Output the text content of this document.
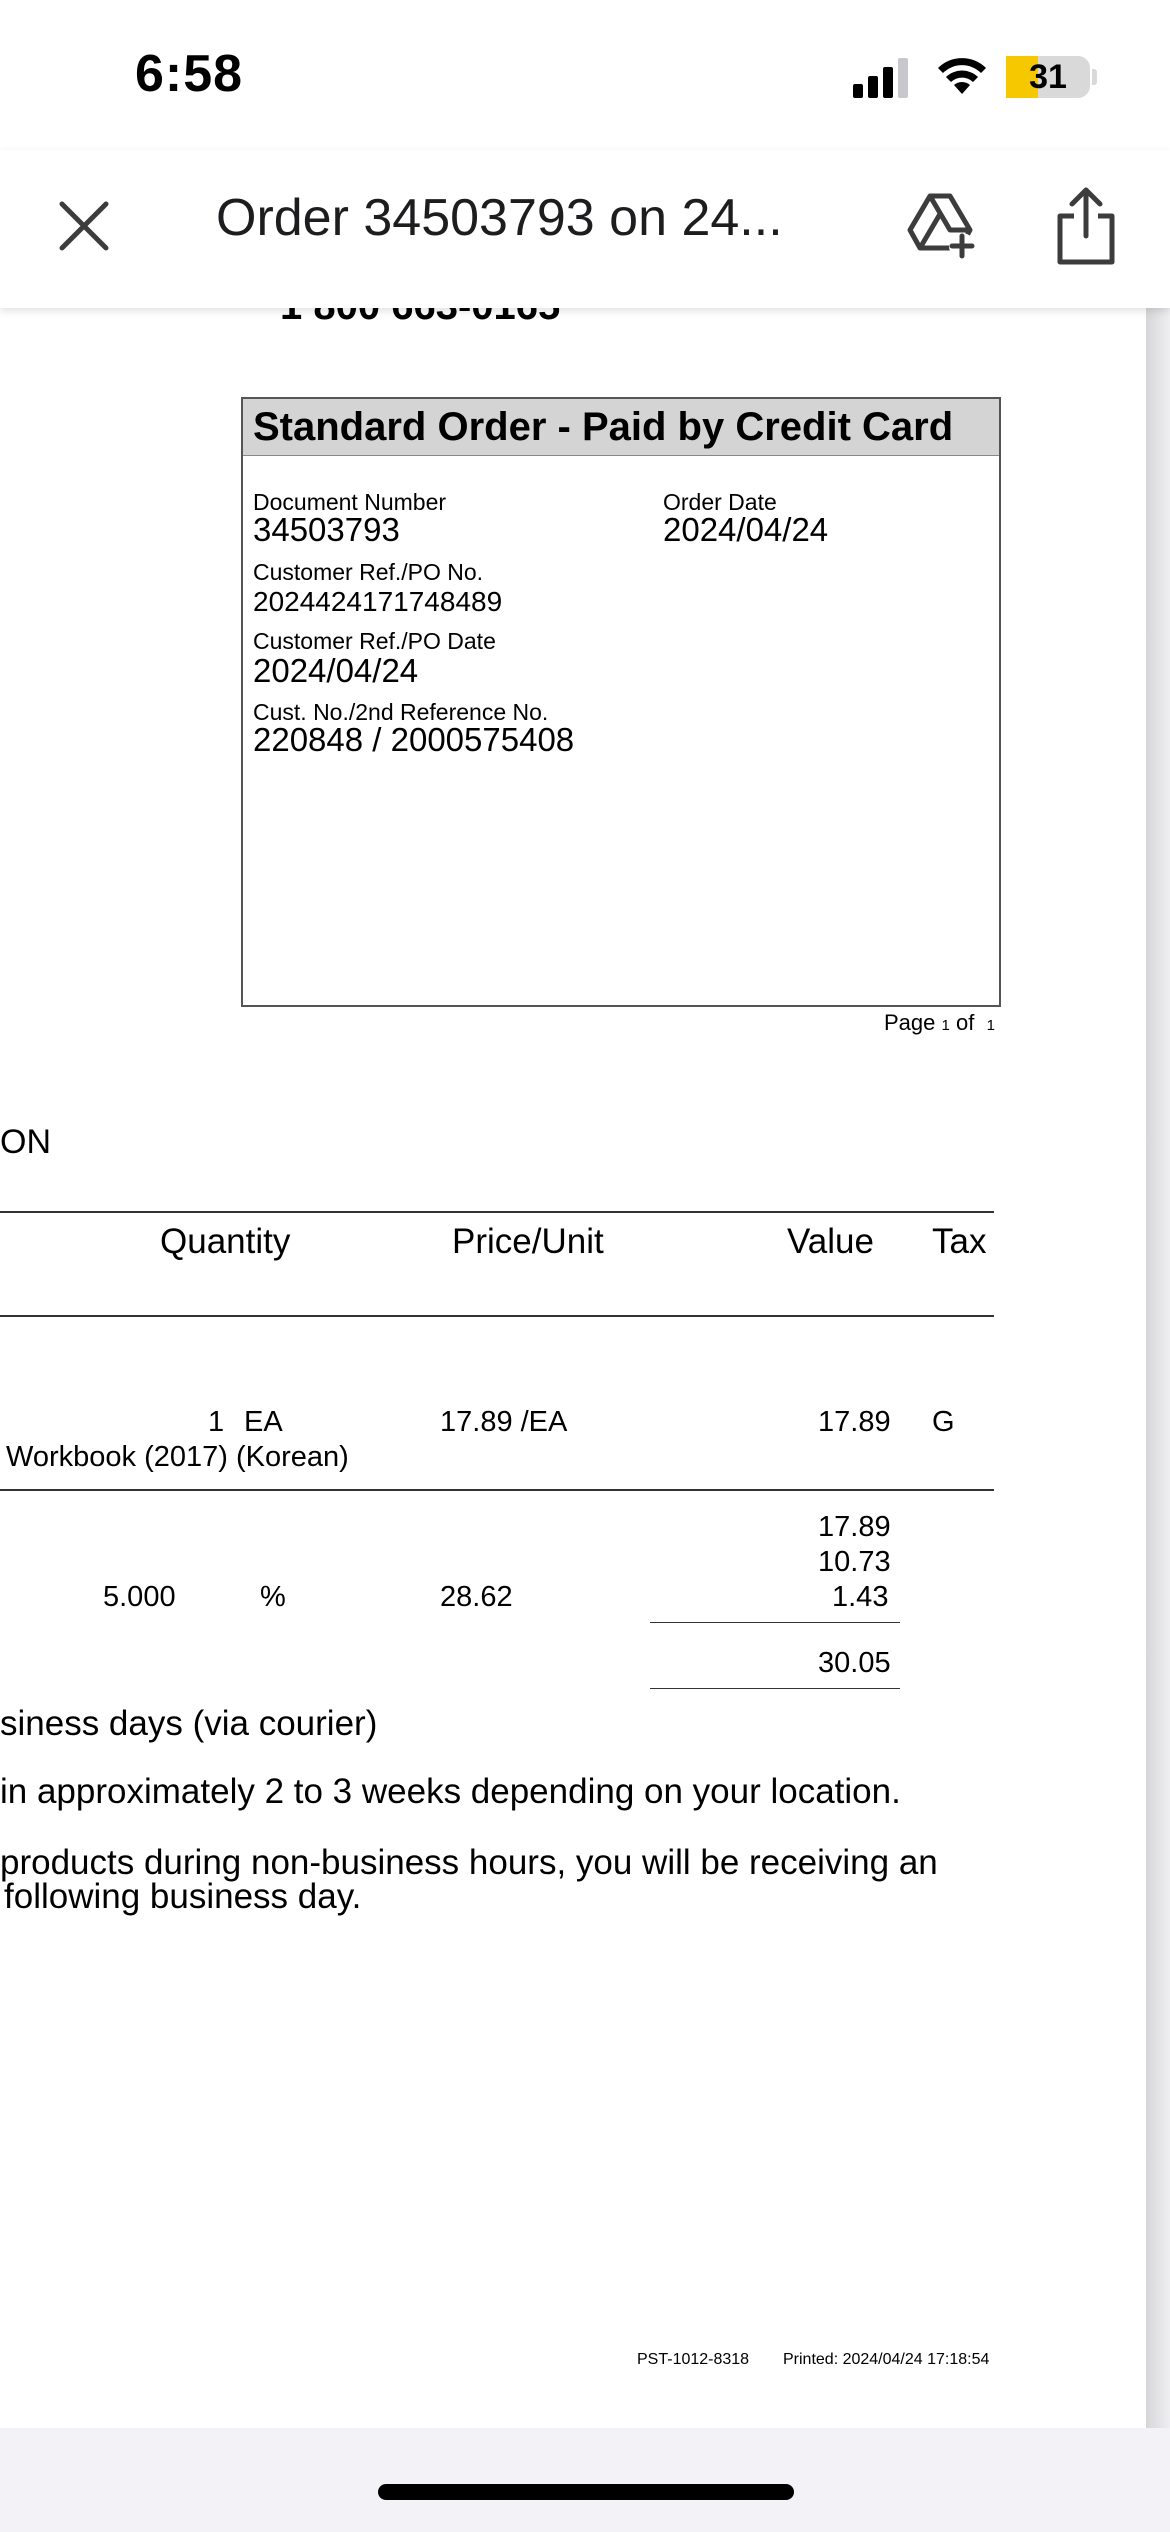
6:58	31
Order 34503793 on 24...
Standard Order - Paid by Credit Card
Document Number
34503793
Order Date
2024/04/24
Customer Ref./PO No.
2024424171748489
Customer Ref./PO Date
2024/04/24
Cust. No./2nd Reference No.
220848 / 2000575408
Page 1 of 1
ON
Quantity	Price/Unit	Value Tax
1 EA	17.89 /EA	17.89 G
Workbook (2017) (Korean)
17.89
10.73
5.000	%	28.62	1.43
30.05
siness days (via courier)
in approximately 2 to 3 weeks depending on your location.
products during non-business hours, you will be receiving an
following business day.
PST-1012-8318 Printed: 2024/04/24 17:18:54
